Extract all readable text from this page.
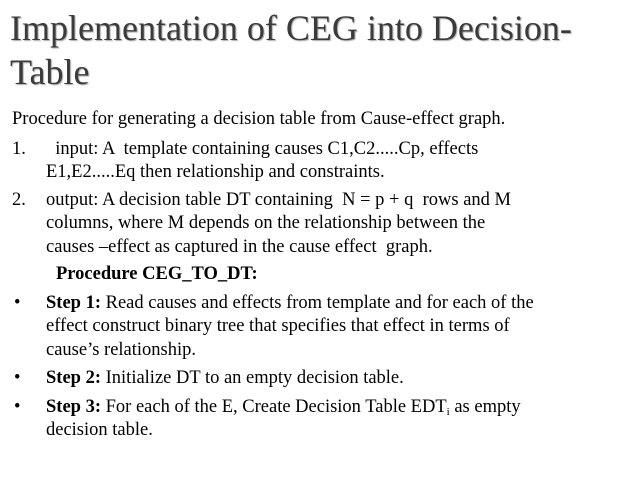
Implementation of CEG into Decision-
Table
Procedure for generating a decision table from Cause-effect graph.
1. input: A  template containing causes C1,C2.....Cp, effects
E1,E2.....Eq then relationship and constraints.
2. output: A decision table DT containing  N = p + q  rows and M
columns, where M depends on the relationship between the
causes –effect as captured in the cause effect  graph.
Procedure CEG_TO_DT:
• Step 1: Read causes and effects from template and for each of the
effect construct binary tree that specifies that effect in terms of
cause’s relationship.
• Step 2: Initialize DT to an empty decision table.
• Step 3: For each of the E, Create Decision Table $EDT_i$ as empty
decision table.
